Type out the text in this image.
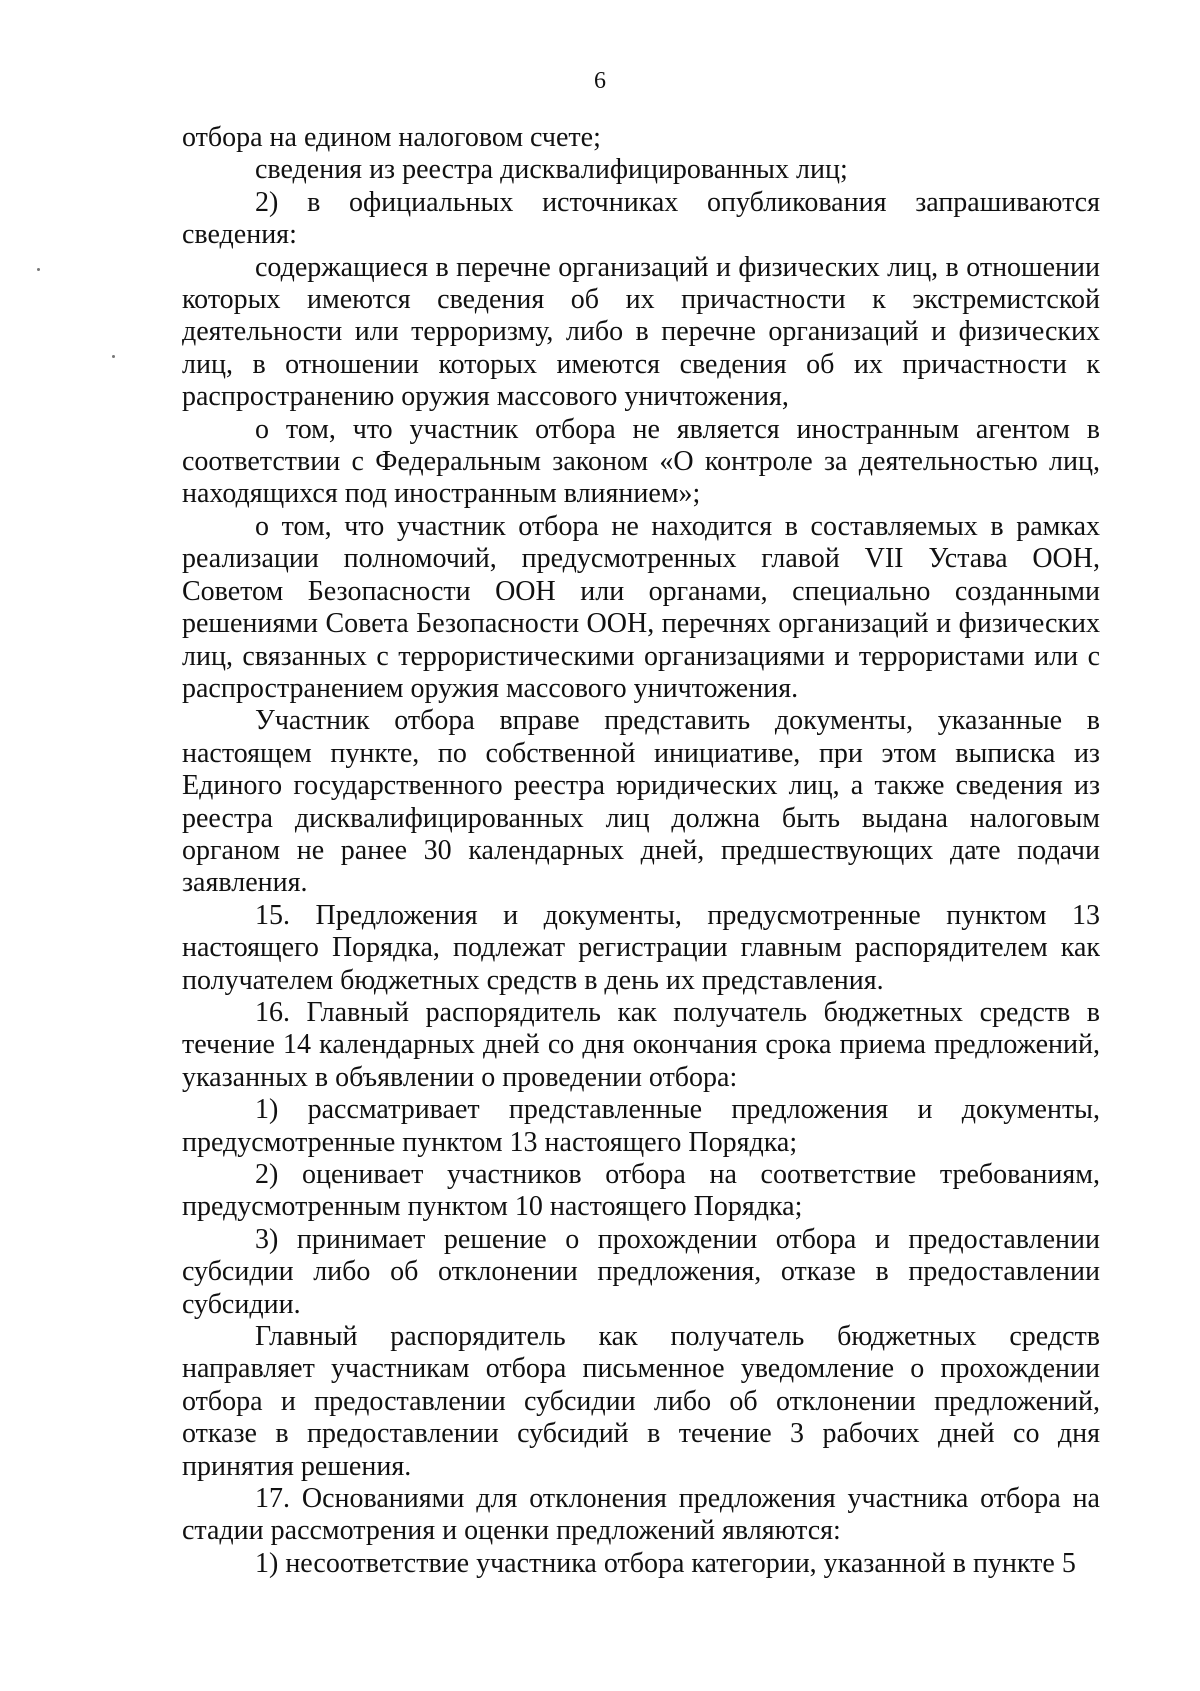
6

отбора на едином налоговом счете;

сведения из реестра дисквалифицированных лиц;

2) в официальных источниках опубликования запрашиваются сведения:

содержащиеся в перечне организаций и физических лиц, в отношении которых имеются сведения об их причастности к экстремистской деятельности или терроризму, либо в перечне организаций и физических лиц, в отношении которых имеются сведения об их причастности к распространению оружия массового уничтожения,

о том, что участник отбора не является иностранным агентом в соответствии с Федеральным законом «О контроле за деятельностью лиц, находящихся под иностранным влиянием»;

о том, что участник отбора не находится в составляемых в рамках реализации полномочий, предусмотренных главой VII Устава ООН, Советом Безопасности ООН или органами, специально созданными решениями Совета Безопасности ООН, перечнях организаций и физических лиц, связанных с террористическими организациями и террористами или с распространением оружия массового уничтожения.

Участник отбора вправе представить документы, указанные в настоящем пункте, по собственной инициативе, при этом выписка из Единого государственного реестра юридических лиц, а также сведения из реестра дисквалифицированных лиц должна быть выдана налоговым органом не ранее 30 календарных дней, предшествующих дате подачи заявления.

15. Предложения и документы, предусмотренные пунктом 13 настоящего Порядка, подлежат регистрации главным распорядителем как получателем бюджетных средств в день их представления.

16. Главный распорядитель как получатель бюджетных средств в течение 14 календарных дней со дня окончания срока приема предложений, указанных в объявлении о проведении отбора:

1) рассматривает представленные предложения и документы, предусмотренные пунктом 13 настоящего Порядка;

2) оценивает участников отбора на соответствие требованиям, предусмотренным пунктом 10 настоящего Порядка;

3) принимает решение о прохождении отбора и предоставлении субсидии либо об отклонении предложения, отказе в предоставлении субсидии.

Главный распорядитель как получатель бюджетных средств направляет участникам отбора письменное уведомление о прохождении отбора и предоставлении субсидии либо об отклонении предложений, отказе в предоставлении субсидий в течение 3 рабочих дней со дня принятия решения.

17. Основаниями для отклонения предложения участника отбора на стадии рассмотрения и оценки предложений являются:

1) несоответствие участника отбора категории, указанной в пункте 5
